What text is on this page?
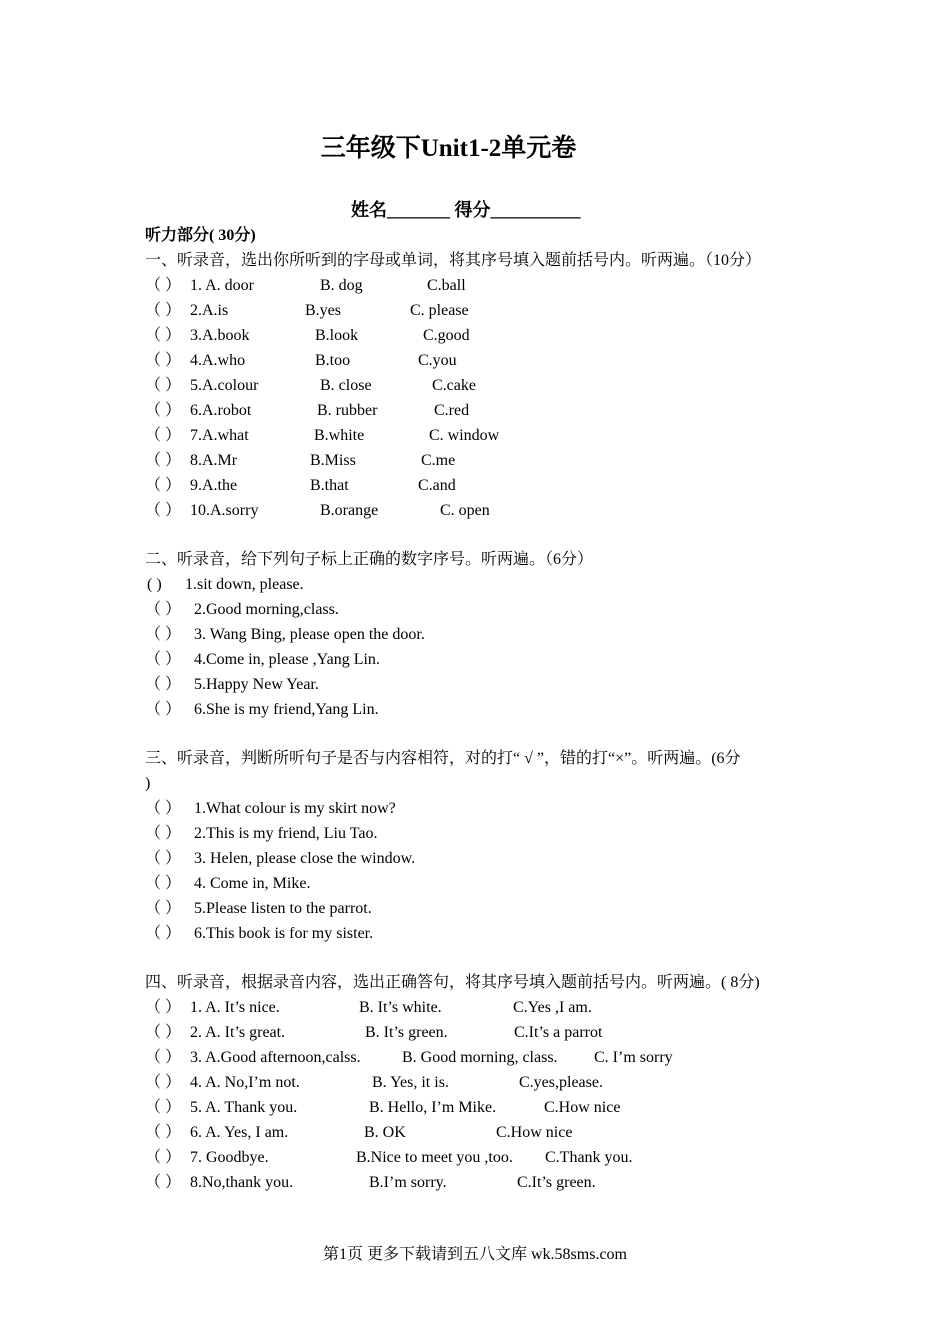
三年级下Unit1-2单元卷
姓名_______ 得分__________
听力部分( 30分)
一、听录音，选出你所听到的字母或单词，将其序号填入题前括号内。听两遍。（10分）
（ ） 1. A. door	B. dog	C.ball
（ ） 2.A.is	B.yes	C. please
（ ） 3.A.book	B.look	C.good
（ ） 4.A.who	B.too	C.you
（ ） 5.A.colour	B. close	C.cake
（ ） 6.A.robot	B. rubber	C.red
（ ） 7.A.what	B.white	C. window
（ ） 8.A.Mr	B.Miss	C.me
（ ） 9.A.the	B.that	C.and
（ ） 10.A.sorry	B.orange	C. open
二、听录音，给下列句子标上正确的数字序号。听两遍。（6分）
( ) 1.sit down, please.
（ ） 2.Good morning,class.
（ ） 3. Wang Bing, please open the door.
（ ） 4.Come in, please ,Yang Lin.
（ ） 5.Happy New Year.
（ ） 6.She is my friend,Yang Lin.
三、听录音，判断所听句子是否与内容相符，对的打“ √ ”，错的打“×”。听两遍。(6分
)
（ ） 1.What colour is my skirt now?
（ ） 2.This is my friend, Liu Tao.
（ ） 3. Helen, please close the window.
（ ） 4. Come in, Mike.
（ ） 5.Please listen to the parrot.
（ ） 6.This book is for my sister.
四、听录音，根据录音内容，选出正确答句，将其序号填入题前括号内。听两遍。( 8分)
（ ） 1. A. It’s nice.	B. It’s white.	C.Yes ,I am.
（ ） 2. A. It’s great.	B. It’s green.	C.It’s a parrot
（ ） 3. A.Good afternoon,calss.	B. Good morning, class. C. I’m sorry
（ ） 4. A. No,I’m not.	B. Yes, it is.	C.yes,please.
（ ） 5. A. Thank you.	B. Hello, I’m Mike.	C.How nice
（ ） 6. A. Yes, I am.	B. OK	C.How nice
（ ） 7. Goodbye.	B.Nice to meet you ,too. C.Thank you.
（ ） 8.No,thank you.	B.I’m sorry.	C.It’s green.
第1页 更多下载请到五八文库 wk.58sms.com
